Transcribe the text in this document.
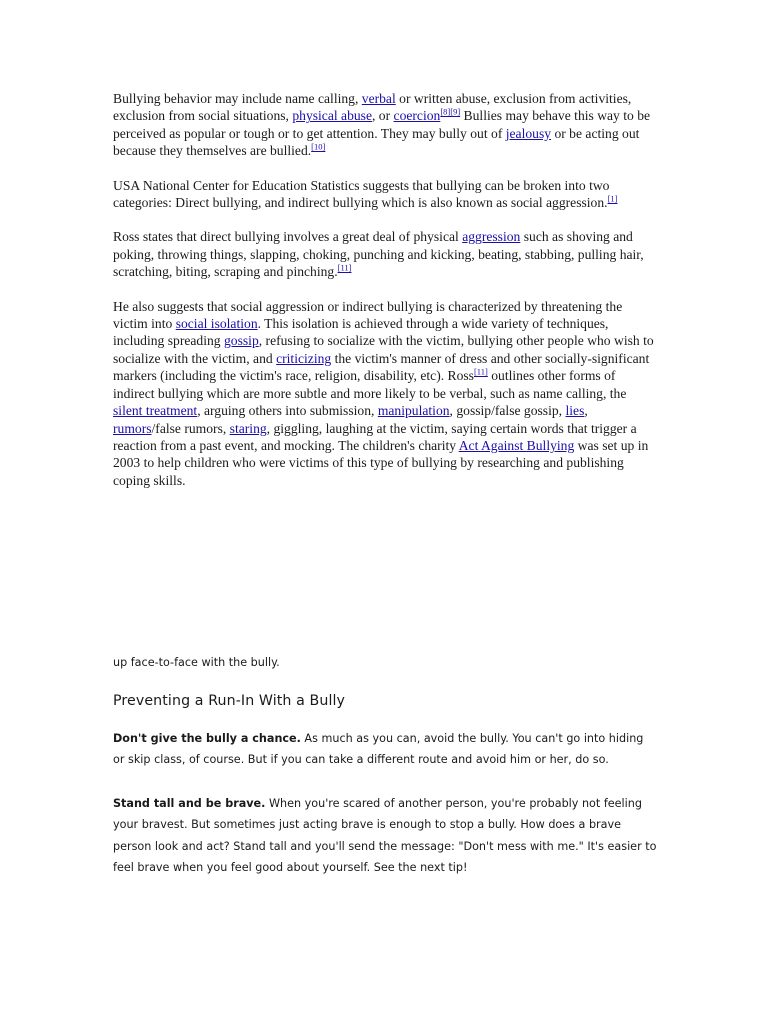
Bullying behavior may include name calling, verbal or written abuse, exclusion from activities, exclusion from social situations, physical abuse, or coercion[8][9] Bullies may behave this way to be perceived as popular or tough or to get attention. They may bully out of jealousy or be acting out because they themselves are bullied.[10]

USA National Center for Education Statistics suggests that bullying can be broken into two categories: Direct bullying, and indirect bullying which is also known as social aggression.[1]

Ross states that direct bullying involves a great deal of physical aggression such as shoving and poking, throwing things, slapping, choking, punching and kicking, beating, stabbing, pulling hair, scratching, biting, scraping and pinching.[11]

He also suggests that social aggression or indirect bullying is characterized by threatening the victim into social isolation. This isolation is achieved through a wide variety of techniques, including spreading gossip, refusing to socialize with the victim, bullying other people who wish to socialize with the victim, and criticizing the victim's manner of dress and other socially-significant markers (including the victim's race, religion, disability, etc). Ross[11] outlines other forms of indirect bullying which are more subtle and more likely to be verbal, such as name calling, the silent treatment, arguing others into submission, manipulation, gossip/false gossip, lies, rumors/false rumors, staring, giggling, laughing at the victim, saying certain words that trigger a reaction from a past event, and mocking. The children's charity Act Against Bullying was set up in 2003 to help children who were victims of this type of bullying by researching and publishing coping skills.

up face-to-face with the bully.

Preventing a Run-In With a Bully

Don't give the bully a chance. As much as you can, avoid the bully. You can't go into hiding or skip class, of course. But if you can take a different route and avoid him or her, do so.

Stand tall and be brave. When you're scared of another person, you're probably not feeling your bravest. But sometimes just acting brave is enough to stop a bully. How does a brave person look and act? Stand tall and you'll send the message: "Don't mess with me." It's easier to feel brave when you feel good about yourself. See the next tip!
